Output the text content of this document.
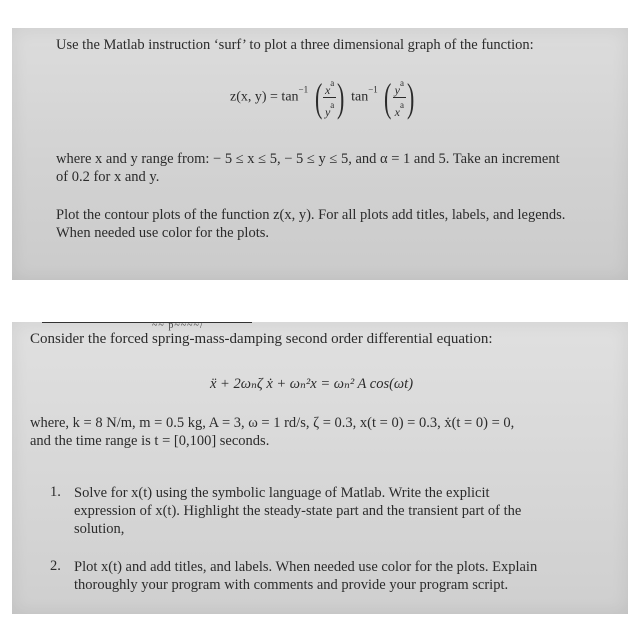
Use the Matlab instruction ‘surf’ to plot a three dimensional graph of the function:

z(x, $y) = \tan^{-1}$ ( $\frac{x^a}{y^a}$ ) $\tan^{-1}$ ( $\frac{y^a}{x^a}$ )

where x and y range from: − 5 ≤ x ≤ 5, − 5 ≤ y ≤ 5, and α = 1 and 5. Take an increment

of 0.2 for x and y.

Plot the contour plots of the function z(x, y). For all plots add titles, labels, and legends.

When needed use color for the plots.

~~ p~~~~/

Consider the forced spring-mass-damping second order differential equation:

ẍ + 2ωₙζ ẋ + ωₙ²x = ωₙ² A cos(ωt)

where, k = 8 N/m, m = 0.5 kg, A = 3, ω = 1 rd/s, ζ = 0.3, x(t = 0) = 0.3, ẋ(t = 0) = 0,

and the time range is t = [0,100] seconds.

1. Solve for x(t) using the symbolic language of Matlab. Write the explicit

expression of x(t). Highlight the steady-state part and the transient part of the

solution,

2. Plot x(t) and add titles, and labels. When needed use color for the plots. Explain

thoroughly your program with comments and provide your program script.
